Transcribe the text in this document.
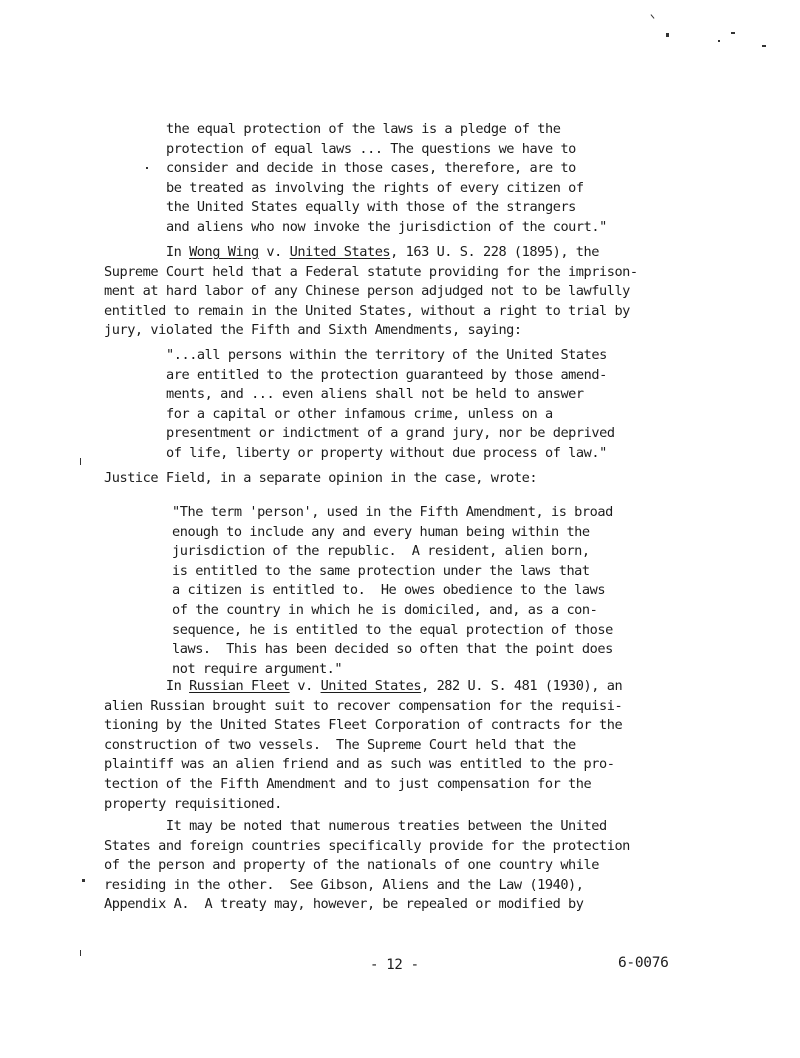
the equal protection of the laws is a pledge of the
protection of equal laws ... The questions we have to
consider and decide in those cases, therefore, are to
be treated as involving the rights of every citizen of
the United States equally with those of the strangers
and aliens who now invoke the jurisdiction of the court."
In Wong Wing v. United States, 163 U. S. 228 (1895), the
Supreme Court held that a Federal statute providing for the imprison-
ment at hard labor of any Chinese person adjudged not to be lawfully
entitled to remain in the United States, without a right to trial by
jury, violated the Fifth and Sixth Amendments, saying:
"...all persons within the territory of the United States
are entitled to the protection guaranteed by those amend-
ments, and ... even aliens shall not be held to answer
for a capital or other infamous crime, unless on a
presentment or indictment of a grand jury, nor be deprived
of life, liberty or property without due process of law."
Justice Field, in a separate opinion in the case, wrote:
"The term 'person', used in the Fifth Amendment, is broad
enough to include any and every human being within the
jurisdiction of the republic.  A resident, alien born,
is entitled to the same protection under the laws that
a citizen is entitled to.  He owes obedience to the laws
of the country in which he is domiciled, and, as a con-
sequence, he is entitled to the equal protection of those
laws.  This has been decided so often that the point does
not require argument."
In Russian Fleet v. United States, 282 U. S. 481 (1930), an
alien Russian brought suit to recover compensation for the requisi-
tioning by the United States Fleet Corporation of contracts for the
construction of two vessels.  The Supreme Court held that the
plaintiff was an alien friend and as such was entitled to the pro-
tection of the Fifth Amendment and to just compensation for the
property requisitioned.
It may be noted that numerous treaties between the United
States and foreign countries specifically provide for the protection
of the person and property of the nationals of one country while
residing in the other.  See Gibson, Aliens and the Law (1940),
Appendix A.  A treaty may, however, be repealed or modified by
- 12 -	6-0076
